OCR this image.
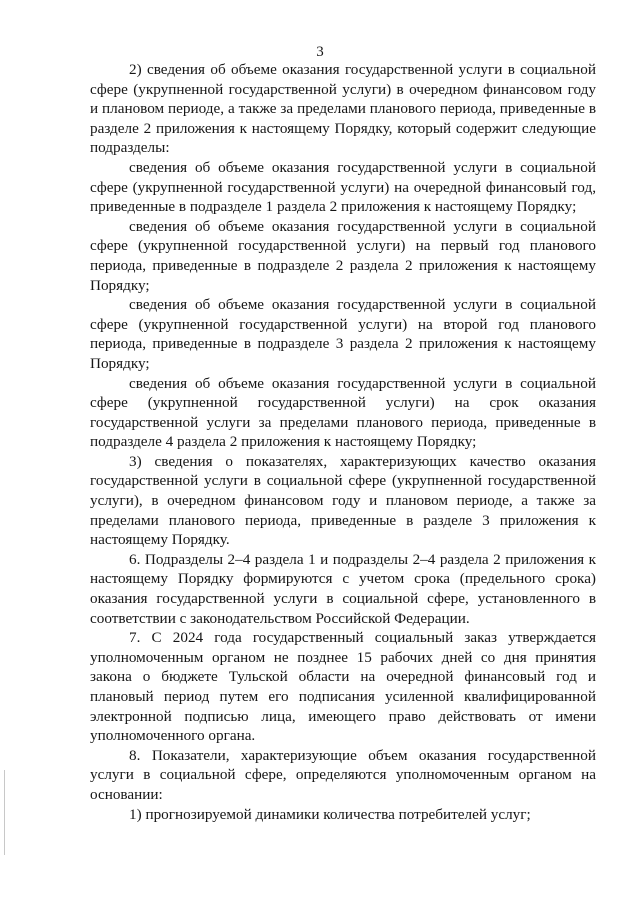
3

2) сведения об объеме оказания государственной услуги в социальной сфере (укрупненной государственной услуги) в очередном финансовом году и плановом периоде, а также за пределами планового периода, приведенные в разделе 2 приложения к настоящему Порядку, который содержит следующие подразделы:

сведения об объеме оказания государственной услуги в социальной сфере (укрупненной государственной услуги) на очередной финансовый год, приведенные в подразделе 1 раздела 2 приложения к настоящему Порядку;

сведения об объеме оказания государственной услуги в социальной сфере (укрупненной государственной услуги) на первый год планового периода, приведенные в подразделе 2 раздела 2 приложения к настоящему Порядку;

сведения об объеме оказания государственной услуги в социальной сфере (укрупненной государственной услуги) на второй год планового периода, приведенные в подразделе 3 раздела 2 приложения к настоящему Порядку;

сведения об объеме оказания государственной услуги в социальной сфере (укрупненной государственной услуги) на срок оказания государственной услуги за пределами планового периода, приведенные в подразделе 4 раздела 2 приложения к настоящему Порядку;

3) сведения о показателях, характеризующих качество оказания государственной услуги в социальной сфере (укрупненной государственной услуги), в очередном финансовом году и плановом периоде, а также за пределами планового периода, приведенные в разделе 3 приложения к настоящему Порядку.

6. Подразделы 2–4 раздела 1 и подразделы 2–4 раздела 2 приложения к настоящему Порядку формируются с учетом срока (предельного срока) оказания государственной услуги в социальной сфере, установленного в соответствии с законодательством Российской Федерации.

7. С 2024 года государственный социальный заказ утверждается уполномоченным органом не позднее 15 рабочих дней со дня принятия закона о бюджете Тульской области на очередной финансовый год и плановый период путем его подписания усиленной квалифицированной электронной подписью лица, имеющего право действовать от имени уполномоченного органа.

8. Показатели, характеризующие объем оказания государственной услуги в социальной сфере, определяются уполномоченным органом на основании:

1) прогнозируемой динамики количества потребителей услуг;
